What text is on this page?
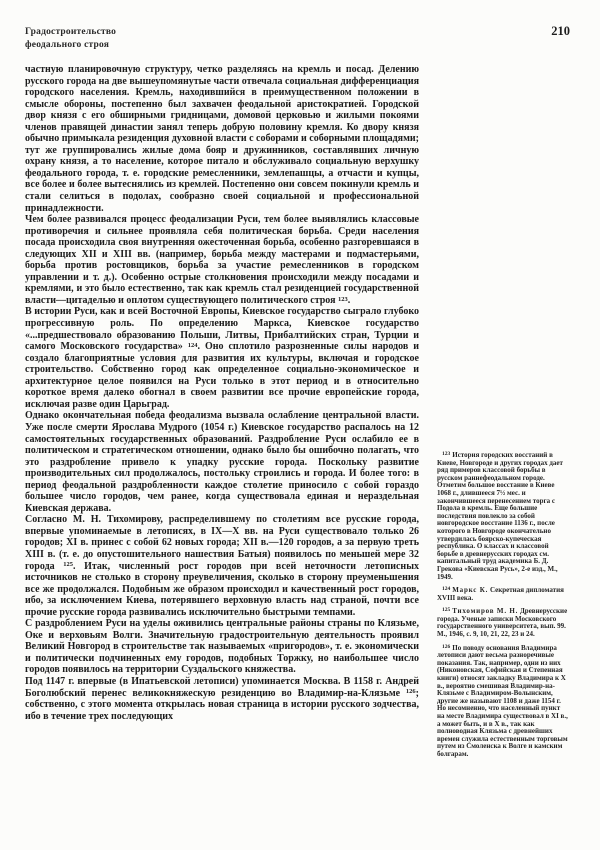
Градостроительство
феодального строя
210

частную планировочную структуру, четко разделяясь на кремль и посад. Делению русского города на две вышеупомянутые части отвечала социальная дифференциация городского населения. Кремль, находившийся в преимущественном положении в смысле обороны, постепенно был захвачен феодальной аристократией. Городской двор князя с его обширными гридницами, домовой церковью и жилыми покоями членов правящей династии занял теперь добрую половину кремля. Ко двору князя обычно примыкала резиденция духовной власти с соборами и соборными площадями; тут же группировались жилые дома бояр и дружинников, составлявших личную охрану князя, а то население, которое питало и обслуживало социальную верхушку феодального города, т. е. городские ремесленники, землепашцы, а отчасти и купцы, все более и более вытеснялись из кремлей. Постепенно они совсем покинули кремль и стали селиться в подолах, сообразно своей социальной и профессиональной принадлежности.

Чем более развивался процесс феодализации Руси, тем более выявлялись классовые противоречия и сильнее проявляла себя политическая борьба. Среди населения посада происходила своя внутренняя ожесточенная борьба, особенно разгоревшаяся в следующих XII и XIII вв. (например, борьба между мастерами и подмастерьями, борьба против ростовщиков, борьба за участие ремесленников в городском управлении и т. д.). Особенно острые столкновения происходили между посадами и кремлями, и это было естественно, так как кремль стал резиденцией государственной власти—цитаделью и оплотом существующего политического строя $^{123}$.

В истории Руси, как и всей Восточной Европы, Киевское государство сыграло глубоко прогрессивную роль. По определению Маркса, Киевское государство «...предшествовало образованию Польши, Литвы, Прибалтийских стран, Турции и самого Московского государства» $^{124}$. Оно сплотило разрозненные силы народов и создало благоприятные условия для развития их культуры, включая и городское строительство. Собственно город как определенное социально-экономическое и архитектурное целое появился на Руси только в этот период и в относительно короткое время далеко обогнал в своем развитии все прочие европейские города, исключая разве один Царьград.

Однако окончательная победа феодализма вызвала ослабление центральной власти. Уже после смерти Ярослава Мудрого (1054 г.) Киевское государство распалось на 12 самостоятельных государственных образований. Раздробление Руси ослабило ее в политическом и стратегическом отношении, однако было бы ошибочно полагать, что это раздробление привело к упадку русские города. Поскольку развитие производительных сил продолжалось, постольку строились и города. И более того: в период феодальной раздробленности каждое столетие приносило с собой гораздо большее число городов, чем ранее, когда существовала единая и нераздельная Киевская держава.

Согласно М. Н. Тихомирову, распределившему по столетиям все русские города, впервые упоминаемые в летописях, в IX—X вв. на Руси существовало только 26 городов; XI в. принес с собой 62 новых города; XII в.—120 городов, а за первую треть XIII в. (т. е. до опустошительного нашествия Батыя) появилось по меньшей мере 32 города $^{125}$. Итак, численный рост городов при всей неточности летописных источников не столько в сторону преувеличения, сколько в сторону преуменьшения все же продолжался. Подобным же образом происходил и качественный рост городов, ибо, за исключением Киева, потерявшего верховную власть над страной, почти все прочие русские города развивались исключительно быстрыми темпами.

С раздроблением Руси на уделы оживились центральные районы страны по Клязьме, Оке и верховьям Волги. Значительную градостроительную деятельность проявил Великий Новгород в строительстве так называемых «пригородов», т. е. экономически и политически подчиненных ему городов, подобных Торжку, но наибольшее число городов появилось на территории Суздальского княжества.

Под 1147 г. впервые (в Ипатьевской летописи) упоминается Москва. В 1158 г. Андрей Боголюбский перенес великокняжескую резиденцию во Владимир-на-Клязьме $^{126}$; собственно, с этого момента открылась новая страница в истории русского зодчества, ибо в течение трех последующих

$^{123}$ История городских восстаний в Киеве, Новгороде и других городах дает ряд примеров классовой борьбы в русском раннефеодальном городе. Отметим большое восстание в Киеве 1068 г., длившееся 7½ мес. и закончившееся перенесением торга с Подола в кремль. Еще большие последствия повлекло за собой новгородское восстание 1136 г., после которого в Новгороде окончательно утвердилась боярско-купеческая республика. О классах и классовой борьбе в древнерусских городах см. капитальный труд академика Б. Д. Грекова «Киевская Русь», 2-е изд., М., 1949.

$^{124}$ Маркс К. Секретная дипломатия XVIII века.

$^{125}$ Тихомиров М. Н. Древнерусские города. Ученые записки Московского государственного университета, вып. 99. М., 1946, с. 9, 10, 21, 22, 23 и 24.

$^{126}$ По поводу основания Владимира летописи дают весьма разноречивые показания. Так, например, одни из них (Никоновская, Софийская и Степенная книги) относят закладку Владимира к X в., вероятно смешивая Владимир-на-Клязьме с Владимиром-Волынским, другие же называют 1108 и даже 1154 г. Но несомненно, что населенный пункт на месте Владимира существовал в XI в., а может быть, и в X в., так как полноводная Клязьма с древнейших времен служила естественным торговым путем из Смоленска к Волге и камским болгарам.
